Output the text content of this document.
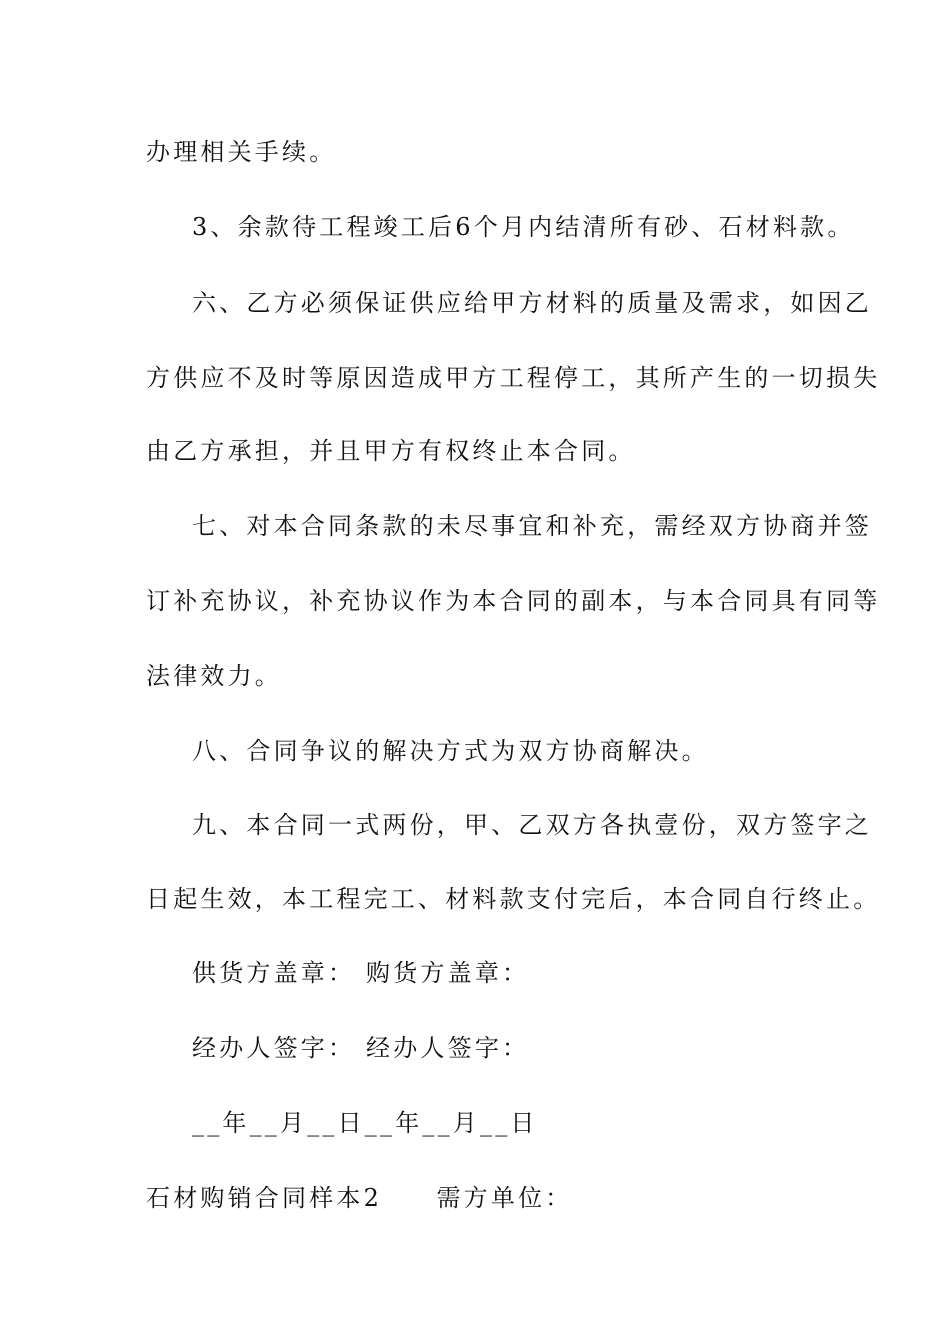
办理相关手续。
3、余款待工程竣工后6个月内结清所有砂、石材料款。
六、乙方必须保证供应给甲方材料的质量及需求，如因乙
方供应不及时等原因造成甲方工程停工，其所产生的一切损失
由乙方承担，并且甲方有权终止本合同。
七、对本合同条款的未尽事宜和补充，需经双方协商并签
订补充协议，补充协议作为本合同的副本，与本合同具有同等
法律效力。
八、合同争议的解决方式为双方协商解决。
九、本合同一式两份，甲、乙双方各执壹份，双方签字之
日起生效，本工程完工、材料款支付完后，本合同自行终止。
供货方盖章： 购货方盖章：
经办人签字： 经办人签字：
__年__月__日__年__月__日
石材购销合同样本2　　需方单位：
